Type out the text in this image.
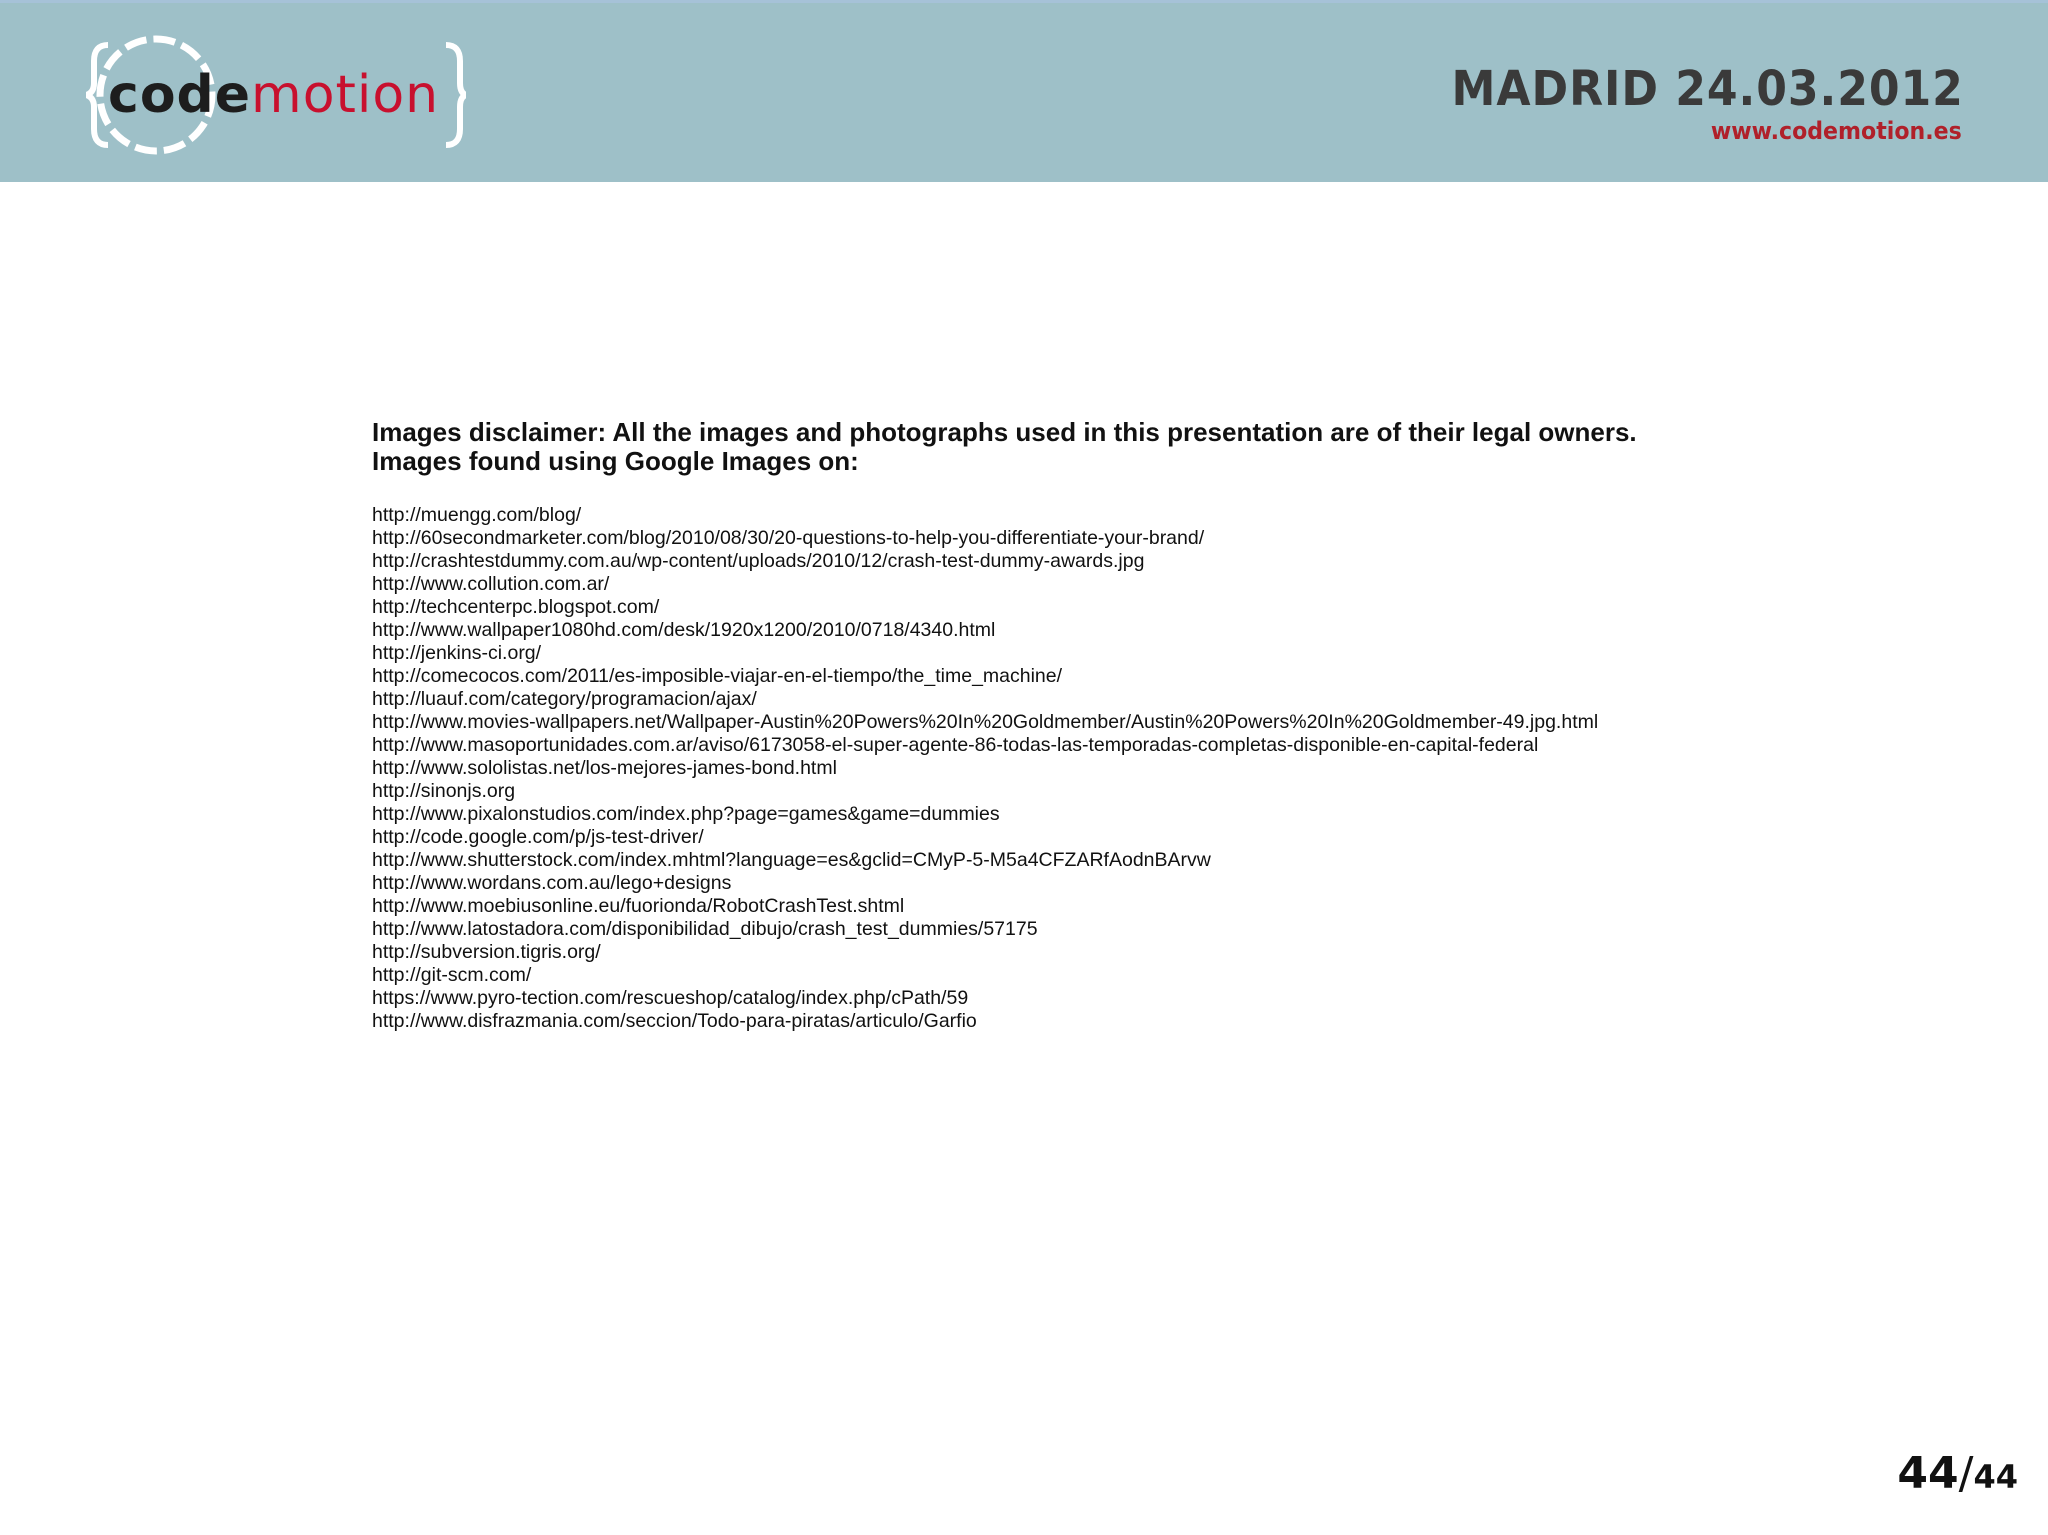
codemotion	MADRID 24.03.2012
www.codemotion.es
Images disclaimer: All the images and photographs used in this presentation are of their legal owners.
Images found using Google Images on:
http://muengg.com/blog/
http://60secondmarketer.com/blog/2010/08/30/20-questions-to-help-you-differentiate-your-brand/
http://crashtestdummy.com.au/wp-content/uploads/2010/12/crash-test-dummy-awards.jpg
http://www.collution.com.ar/
http://techcenterpc.blogspot.com/
http://www.wallpaper1080hd.com/desk/1920x1200/2010/0718/4340.html
http://jenkins-ci.org/
http://comecocos.com/2011/es-imposible-viajar-en-el-tiempo/the_time_machine/
http://luauf.com/category/programacion/ajax/
http://www.movies-wallpapers.net/Wallpaper-Austin%20Powers%20In%20Goldmember/Austin%20Powers%20In%20Goldmember-49.jpg.html
http://www.masoportunidades.com.ar/aviso/6173058-el-super-agente-86-todas-las-temporadas-completas-disponible-en-capital-federal
http://www.sololistas.net/los-mejores-james-bond.html
http://sinonjs.org
http://www.pixalonstudios.com/index.php?page=games&game=dummies
http://code.google.com/p/js-test-driver/
http://www.shutterstock.com/index.mhtml?language=es&gclid=CMyP-5-M5a4CFZARfAodnBArvw
http://www.wordans.com.au/lego+designs
http://www.moebiusonline.eu/fuorionda/RobotCrashTest.shtml
http://www.latostadora.com/disponibilidad_dibujo/crash_test_dummies/57175
http://subversion.tigris.org/
http://git-scm.com/
https://www.pyro-tection.com/rescueshop/catalog/index.php/cPath/59
http://www.disfrazmania.com/seccion/Todo-para-piratas/articulo/Garfio
44/44
